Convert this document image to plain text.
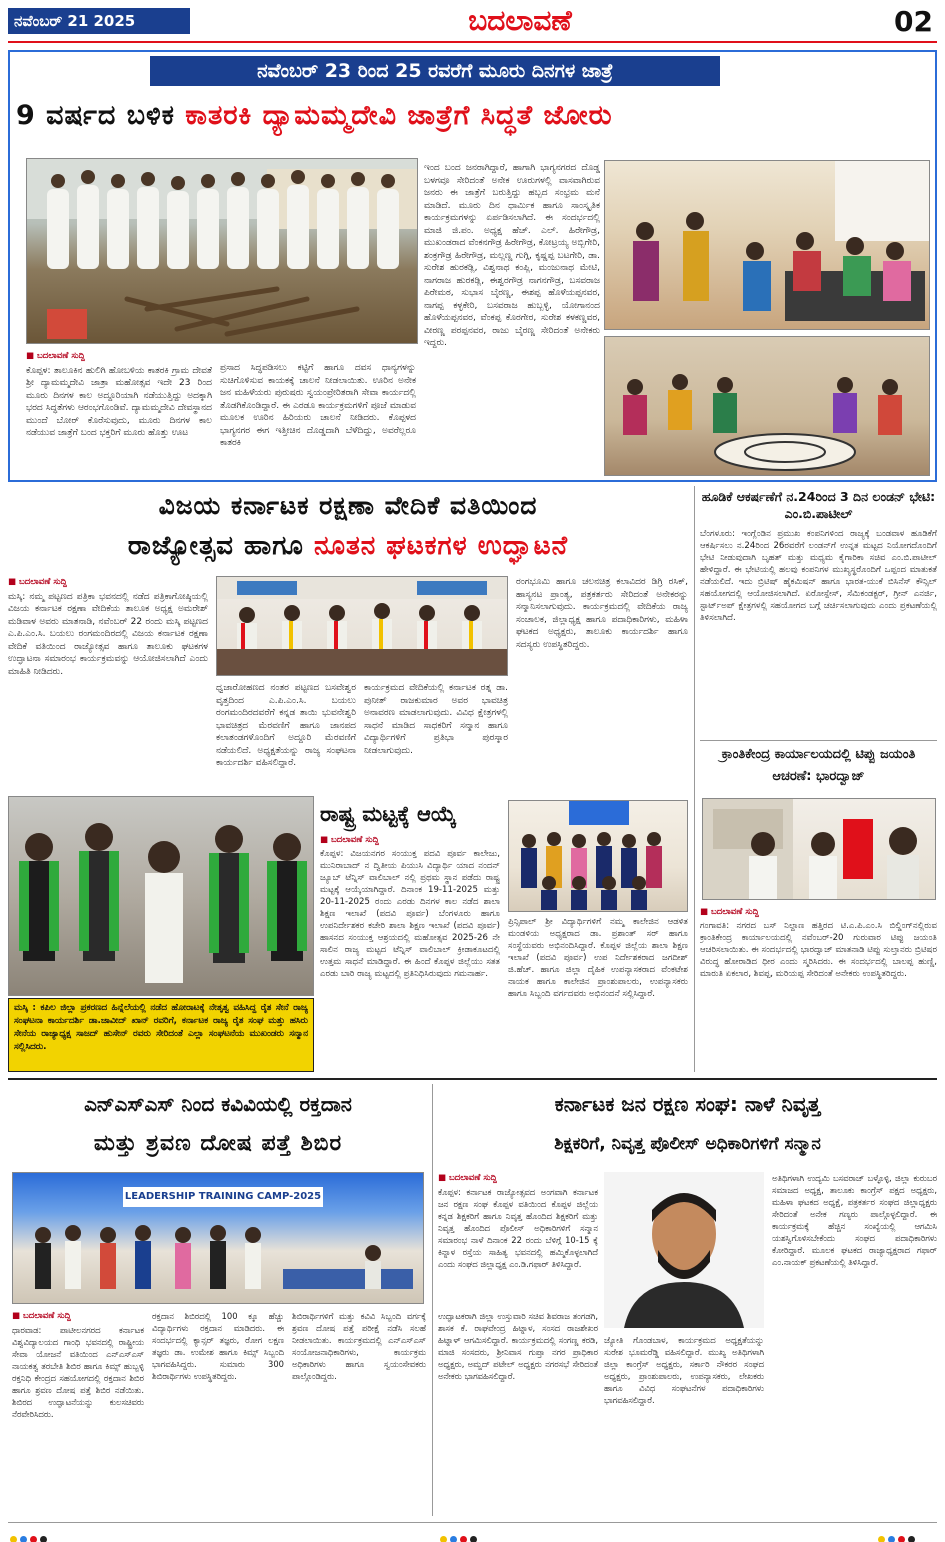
ನವೆಂಬರ್ 21 2025	ಬದಲಾವಣೆ	02
ನವೆಂಬರ್ 23 ರಿಂದ 25 ರವರೆಗೆ ಮೂರು ದಿನಗಳ ಜಾತ್ರೆ
9 ವರ್ಷದ ಬಳಿಕ ಕಾತರಕಿ ದ್ಯಾಮಮ್ಮದೇವಿ ಜಾತ್ರೆಗೆ ಸಿದ್ಧತೆ ಜೋರು
■ ಬದಲಾವಣೆ ಸುದ್ದಿ
ಕೊಪ್ಪಳ: ತಾಲೂಕಿನ ಹುಲಿಗಿ ಹೋಬಳಿಯ ಕಾತರಕಿ ಗ್ರಾಮ ದೇವತೆ ಶ್ರೀ ದ್ಯಾಮಮ್ಮದೇವಿ ಜಾತ್ರಾ ಮಹೋತ್ಸವ ಇದೇ 23 ರಿಂದ ಮೂರು ದಿನಗಳ ಕಾಲ ಅದ್ದೂರಿಯಾಗಿ ನಡೆಯುತ್ತಿದ್ದು ಅದಕ್ಕಾಗಿ ಭರದ ಸಿದ್ಧತೆಗಳು ಆರಂಭಗೊಂಡಿವೆ. ದ್ಯಾಮಮ್ಮದೇವಿ ದೇವಸ್ಥಾನದ ಮುಂದೆ ಬೋರ್ ಕೊರೆಸುವುದು, ಮೂರು ದಿನಗಳ ಕಾಲ ನಡೆಯುವ ಜಾತ್ರೆಗೆ ಬಂದ ಭಕ್ತರಿಗೆ ಮೂರು ಹೊತ್ತು ಊಟ
ಪ್ರಸಾದ ಸಿದ್ಧಪಡಿಸಲು ಕಟ್ಟಿಗೆ ಹಾಗೂ ದವಸ ಧಾನ್ಯಗಳನ್ನು ಸುಚಿಗೊಳಿಸುವ ಕಾಯಕಕ್ಕೆ ಚಾಲನೆ ನೀಡಲಾಯಿತು. ಊರಿನ ಅನೇಕ ಜನ ಮಹಿಳೆಯರು ಪುರುಷರು ಸ್ವಯಂಪ್ರೇರಿತರಾಗಿ ಸೇವಾ ಕಾರ್ಯದಲ್ಲಿ ತೊಡಗಿಕೊಂಡಿದ್ದಾರೆ. ಈ ಎರಡೂ ಕಾರ್ಯಕ್ರಮಗಳಿಗೆ ಪೂಜೆ ಮಾಡುವ ಮೂಲಕ ಊರಿನ ಹಿರಿಯರು ಚಾಲನೆ ನೀಡಿದರು. ಕೊಪ್ಪಳದ ಭಾಗ್ಯನಗರ ಈಗ ಇತ್ತೀಚಿನ ದೊಡ್ಡದಾಗಿ ಬೆಳೆದಿದ್ದು, ಅವರೆಲ್ಲರೂ ಕಾತರಕಿ
ಇಂದ ಬಂದ ಜನರಾಗಿದ್ದಾರೆ, ಹಾಗಾಗಿ ಭಾಗ್ಯನಗರದ ದೊಡ್ಡ ಬಳಗವೂ ಸೇರಿದಂತೆ ಅನೇಕ ಊರುಗಳಲ್ಲಿ ವಾಸವಾಗಿರುವ ಜನರು ಈ ಜಾತ್ರೆಗೆ ಬರುತ್ತಿದ್ದು ಹಬ್ಬದ ಸಂಭ್ರಮ ಮನೆ ಮಾಡಿದೆ. ಮೂರು ದಿನ ಧಾರ್ಮಿಕ ಹಾಗೂ ಸಾಂಸ್ಕೃತಿಕ ಕಾರ್ಯಕ್ರಮಗಳನ್ನು ಏರ್ಪಡಿಸಲಾಗಿದೆ. ಈ ಸಂದರ್ಭದಲ್ಲಿ ಮಾಜಿ ಜಿ.ಪಂ. ಅಧ್ಯಕ್ಷ ಹೆಚ್. ಎಲ್. ಹಿರೇಗೌಡ್ರ, ಮುಖಂಡರಾದ ವೆಂಕನಗೌಡ್ರ ಹಿರೇಗೌಡ್ರ, ಕೋಟ್ರಯ್ಯ ಅಬ್ಬಿಗೇರಿ, ಶಂಕ್ರಗೌಡ್ರ ಹಿರೇಗೌಡ್ರ, ಮಲ್ಲಣ್ಣ ಗುಗ್ಗಿ, ಕೃಷ್ಣಪ್ಪ ಬಟಗೇರಿ, ಡಾ. ಸುರೇಶ ಹುರಕಡ್ಲಿ, ವಿಶ್ವನಾಥ ಕಂಪ್ಲಿ, ಮಂಜುನಾಥ ಮೇಟಿ, ನಾಗರಾಜ ಹುರಕಡ್ಲಿ, ಈಶ್ವರಗೌಡ್ರ ನಾಗನಗೌಡ್ರ, ಬಸವರಾಜ ಪಿರೇಮಠ, ಸುಭಾಸ ಬೈರಣ್ಣ, ಈಶಪ್ಪ ಹೊಳೆಯಪ್ಪನವರ, ನಾಗಪ್ಪ ಕಳ್ಳಕೇರಿ, ಬಸವರಾಜ ಹುಬ್ಬಳ್ಳಿ, ಯೋಗಾನಂದ ಹೊಳೆಯಪ್ಪನವರ, ವೆಂಕಪ್ಪ ಕೊರಗೇರ, ಸುರೇಶ ಕಳಕಣ್ಣವರ, ವೀರಣ್ಣ ಪರಪ್ಪನವರ, ರಾಜು ಬೈರಣ್ಣ ಸೇರಿದಂತೆ ಅನೇಕರು ಇದ್ದರು.
ವಿಜಯ ಕರ್ನಾಟಕ ರಕ್ಷಣಾ ವೇದಿಕೆ ವತಿಯಿಂದ
ರಾಜ್ಯೋತ್ಸವ ಹಾಗೂ ನೂತನ ಘಟಕಗಳ ಉದ್ಘಾಟನೆ
■ ಬದಲಾವಣೆ ಸುದ್ದಿ
ಮಸ್ಕಿ: ನಮ್ಮ ಪಟ್ಟಣದ ಪತ್ರಿಕಾ ಭವನದಲ್ಲಿ ನಡೆದ ಪತ್ರಿಕಾಗೋಷ್ಠಿಯಲ್ಲಿ ವಿಜಯ ಕರ್ನಾಟಕ ರಕ್ಷಣಾ ವೇದಿಕೆಯ ತಾಲೂಕ ಅಧ್ಯಕ್ಷ ಅಮರೇಶ್ ಮಡಿವಾಳ ಅವರು ಮಾತನಾಡಿ, ನವೆಂಬರ್ 22 ರಂದು ಮಸ್ಕಿ ಪಟ್ಟಣದ ಎ.ಪಿ.ಎಂ.ಸಿ. ಬಯಲು ರಂಗಮಂದಿರದಲ್ಲಿ ವಿಜಯ ಕರ್ನಾಟಕ ರಕ್ಷಣಾ ವೇದಿಕೆ ವತಿಯಿಂದ ರಾಜ್ಯೋತ್ಸವ ಹಾಗೂ ತಾಲೂಕು ಘಟಕಗಳ ಉದ್ಘಾಟನಾ ಸಮಾರಂಭ ಕಾರ್ಯಕ್ರಮವನ್ನು ಆಯೋಜಿಸಲಾಗಿದೆ ಎಂದು ಮಾಹಿತಿ ನೀಡಿದರು.
ಧ್ವಜಾರೋಹಣದ ನಂತರ ಪಟ್ಟಣದ ಬಸವೇಶ್ವರ ವೃತ್ತದಿಂದ ಎ.ಪಿ.ಎಂ.ಸಿ. ಬಯಲು ರಂಗಮಂದಿರದವರೆಗೆ ಕನ್ನಡ ತಾಯಿ ಭುವನೇಶ್ವರಿ ಭಾವಚಿತ್ರದ ಮೆರವಣಿಗೆ ಹಾಗೂ ಜಾನಪದ ಕಲಾತಂಡಗಳೊಂದಿಗೆ ಅದ್ದೂರಿ ಮೆರವಣಿಗೆ ನಡೆಯಲಿದೆ. ಅಧ್ಯಕ್ಷತೆಯನ್ನು ರಾಜ್ಯ ಸಂಘಟನಾ ಕಾರ್ಯದರ್ಶಿ ವಹಿಸಲಿದ್ದಾರೆ.
ಕಾರ್ಯಕ್ರಮದ ವೇದಿಕೆಯಲ್ಲಿ ಕರ್ನಾಟಕ ರತ್ನ ಡಾ. ಪುನೀತ್ ರಾಜಕುಮಾರ ಅವರ ಭಾವಚಿತ್ರ ಅನಾವರಣ ಮಾಡಲಾಗುವುದು. ವಿವಿಧ ಕ್ಷೇತ್ರಗಳಲ್ಲಿ ಸಾಧನೆ ಮಾಡಿದ ಸಾಧಕರಿಗೆ ಸನ್ಮಾನ ಹಾಗೂ ವಿದ್ಯಾರ್ಥಿಗಳಿಗೆ ಪ್ರತಿಭಾ ಪುರಸ್ಕಾರ ನೀಡಲಾಗುವುದು.
ರಂಗಭೂಮಿ ಹಾಗೂ ಚಲನಚಿತ್ರ ಕಲಾವಿದರ ಡಿಗ್ರಿ ರಸಿಕ್, ಹಾಸ್ಯನಟ ಪ್ರಾಂತ್ಯ, ಪತ್ರಕರ್ತರು ಸೇರಿದಂತೆ ಅನೇಕರನ್ನು ಸನ್ಮಾನಿಸಲಾಗುವುದು. ಕಾರ್ಯಕ್ರಮದಲ್ಲಿ ವೇದಿಕೆಯ ರಾಜ್ಯ ಸಂಚಾಲಕ, ಜಿಲ್ಲಾಧ್ಯಕ್ಷ ಹಾಗೂ ಪದಾಧಿಕಾರಿಗಳು, ಮಹಿಳಾ ಘಟಕದ ಅಧ್ಯಕ್ಷರು, ತಾಲೂಕು ಕಾರ್ಯದರ್ಶಿ ಹಾಗೂ ಸದಸ್ಯರು ಉಪಸ್ಥಿತರಿದ್ದರು.
ಹೂಡಿಕೆ ಆಕರ್ಷಣೆಗೆ ನ.24ರಿಂದ 3 ದಿನ ಲಂಡನ್ ಭೇಟಿ: ಎಂ.ಬಿ.ಪಾಟೀಲ್
ಬೆಂಗಳೂರು: ಇಂಗ್ಲೆಂಡಿನ ಪ್ರಮುಖ ಕಂಪನಿಗಳಿಂದ ರಾಜ್ಯಕ್ಕೆ ಬಂಡವಾಳ ಹೂಡಿಕೆಗೆ ಆಕರ್ಷಿಸಲು ನ.24ರಿಂದ 26ರವರೆಗೆ ಲಂಡನ್‌ಗೆ ಉನ್ನತ ಮಟ್ಟದ ನಿಯೋಗದೊಂದಿಗೆ ಭೇಟಿ ನೀಡುವುದಾಗಿ ಬೃಹತ್ ಮತ್ತು ಮಧ್ಯಮ ಕೈಗಾರಿಕಾ ಸಚಿವ ಎಂ.ಬಿ.ಪಾಟೀಲ್ ಹೇಳಿದ್ದಾರೆ. ಈ ಭೇಟಿಯಲ್ಲಿ ಹಲವು ಕಂಪನಿಗಳ ಮುಖ್ಯಸ್ಥರೊಂದಿಗೆ ಒಪ್ಪಂದ ಮಾತುಕತೆ ನಡೆಯಲಿದೆ. ಇದು ಬ್ರಿಟಿಷ್ ಹೈಕಮಿಷನ್ ಹಾಗೂ ಭಾರತ-ಯುಕೆ ಬಿಸಿನೆಸ್ ಕೌನ್ಸಿಲ್ ಸಹಯೋಗದಲ್ಲಿ ಆಯೋಜಿಸಲಾಗಿದೆ. ಏರೋಸ್ಪೇಸ್, ಸೆಮಿಕಂಡಕ್ಟರ್, ಗ್ರೀನ್ ಎನರ್ಜಿ, ಸ್ಟಾರ್ಟ್‌ಅಪ್ ಕ್ಷೇತ್ರಗಳಲ್ಲಿ ಸಹಯೋಗದ ಬಗ್ಗೆ ಚರ್ಚಿಸಲಾಗುವುದು ಎಂದು ಪ್ರಕಟಣೆಯಲ್ಲಿ ತಿಳಿಸಲಾಗಿದೆ.
ಕ್ರಾಂತಿಕೇಂದ್ರ ಕಾರ್ಯಾಲಯದಲ್ಲಿ ಟಿಪ್ಪು ಜಯಂತಿ ಆಚರಣೆ: ಭಾರದ್ವಾಜ್
■ ಬದಲಾವಣೆ ಸುದ್ದಿ
ಗಂಗಾವತಿ: ನಗರದ ಬಸ್ ನಿಲ್ದಾಣ ಹತ್ತಿರದ ಟಿ.ಎ.ಪಿ.ಎಂ.ಸಿ ಬಿಲ್ಡಿಂಗ್‌ನಲ್ಲಿರುವ ಕ್ರಾಂತಿಕೇಂದ್ರ ಕಾರ್ಯಾಲಯದಲ್ಲಿ ನವೆಂಬರ್-20 ಗುರುವಾರ ಟಿಪ್ಪು ಜಯಂತಿ ಆಚರಿಸಲಾಯಿತು. ಈ ಸಂದರ್ಭದಲ್ಲಿ ಭಾರದ್ವಾಜ್ ಮಾತನಾಡಿ ಟಿಪ್ಪು ಸುಲ್ತಾನರು ಬ್ರಿಟಿಷರ ವಿರುದ್ಧ ಹೋರಾಡಿದ ಧೀರ ಎಂದು ಸ್ಮರಿಸಿದರು. ಈ ಸಂದರ್ಭದಲ್ಲಿ ಬಾಲಪ್ಪ ಹುಣ್ಣಿ, ಮಾರುತಿ ಏಕಲಾರ, ಶಿವಪ್ಪ, ಮರಿಯಪ್ಪ ಸೇರಿದಂತೆ ಅನೇಕರು ಉಪಸ್ಥಿತರಿದ್ದರು.
ಮಸ್ಕಿ : ಕಪಿಲ ಜಿಲ್ಲಾ ಪ್ರಕರಣದ ಹಿನ್ನೆಲೆಯಲ್ಲಿ ನಡೆದ ಹೋರಾಟಕ್ಕೆ ನೇತೃತ್ವ ವಹಿಸಿದ್ದ ರೈತ ಸೇನೆ ರಾಜ್ಯ ಸಂಘಟನಾ ಕಾರ್ಯದರ್ಶಿ ಡಾ.ಜಾವೀದ್ ಖಾನ್ ರವರಿಗೆ, ಕರ್ನಾಟಕ ರಾಜ್ಯ ರೈತ ಸಂಘ ಮತ್ತು ಹಸಿರು ಸೇನೆಯ ರಾಜ್ಯಾಧ್ಯಕ್ಷ ಸಾಜದ್ ಹುಸೇನ್ ರವರು ಸೇರಿದಂತೆ ಎಲ್ಲಾ ಸಂಘಟನೆಯ ಮುಖಂಡರು ಸನ್ಮಾನ ಸಲ್ಲಿಸಿದರು.
ರಾಷ್ಟ್ರ ಮಟ್ಟಕ್ಕೆ ಆಯ್ಕೆ
■ ಬದಲಾವಣೆ ಸುದ್ದಿ
ಕೊಪ್ಪಳ: ವಿಜಯನಗರ ಸಂಯುಕ್ತ ಪದವಿ ಪೂರ್ವ ಕಾಲೇಜು, ಮುನಿರಾಬಾದ್ ನ ದ್ವಿತೀಯ ಪಿಯುಸಿ ವಿದ್ಯಾರ್ಥಿ ಯಾದ ನಂದನ್ ಜ್ಯೂಬ್ ಟೆನ್ನಿಸ್ ವಾಲಿಬಾಲ್ ನಲ್ಲಿ ಪ್ರಥಮ ಸ್ಥಾನ ಪಡೆದು ರಾಷ್ಟ್ರ ಮಟ್ಟಕ್ಕೆ ಆಯ್ಕೆಯಾಗಿದ್ದಾರೆ. ದಿನಾಂಕ 19-11-2025 ಮತ್ತು 20-11-2025 ರಂದು ಎರಡು ದಿನಗಳ ಕಾಲ ನಡೆದ ಶಾಲಾ ಶಿಕ್ಷಣ ಇಲಾಖೆ (ಪದವಿ ಪೂರ್ವ) ಬೆಂಗಳೂರು ಹಾಗೂ ಉಪನಿರ್ದೇಶಕರ ಕಚೇರಿ ಶಾಲಾ ಶಿಕ್ಷಣ ಇಲಾಖೆ (ಪದವಿ ಪೂರ್ವ) ಹಾಸನದ ಸಂಯುಕ್ತ ಆಶ್ರಯದಲ್ಲಿ ಮಹೋತ್ಸವ 2025-26 ನೇ ಸಾಲಿನ ರಾಜ್ಯ ಮಟ್ಟದ ಟೆನ್ನಿಸ್ ವಾಲಿಬಾಲ್ ಕ್ರೀಡಾಕೂಟದಲ್ಲಿ ಉತ್ತಮ ಸಾಧನೆ ಮಾಡಿದ್ದಾರೆ. ಈ ಹಿಂದೆ ಕೊಪ್ಪಳ ಜಿಲ್ಲೆಯು ಸತತ ಎರಡು ಬಾರಿ ರಾಜ್ಯ ಮಟ್ಟದಲ್ಲಿ ಪ್ರತಿನಿಧಿಸಿರುವುದು ಗಮನಾರ್ಹ.
ಪ್ರಿನ್ಸಿಪಾಲ್ ಶ್ರೀ ವಿದ್ಯಾರ್ಥಿಗಳಿಗೆ ನಮ್ಮ ಕಾಲೇಜಿನ ಆಡಳಿತ ಮಂಡಳಿಯ ಅಧ್ಯಕ್ಷರಾದ ಡಾ. ಪ್ರಶಾಂತ್ ಸರ್ ಹಾಗೂ ಸಂಸ್ಥೆಯವರು ಅಭಿನಂದಿಸಿದ್ದಾರೆ. ಕೊಪ್ಪಳ ಜಿಲ್ಲೆಯ ಶಾಲಾ ಶಿಕ್ಷಣ ಇಲಾಖೆ (ಪದವಿ ಪೂರ್ವ) ಉಪ ನಿರ್ದೇಶಕರಾದ ಜಗದೀಶ್ ಜಿ.ಹೆಚ್. ಹಾಗೂ ಜಿಲ್ಲಾ ದೈಹಿಕ ಉಪನ್ಯಾಸಕರಾದ ವೆಂಕಟೇಶ ನಾಯಕ ಹಾಗೂ ಕಾಲೇಜಿನ ಪ್ರಾಂಶುಪಾಲರು, ಉಪನ್ಯಾಸಕರು ಹಾಗೂ ಸಿಬ್ಬಂದಿ ವರ್ಗದವರು ಅಭಿನಂದನೆ ಸಲ್ಲಿಸಿದ್ದಾರೆ.
ಎನ್‌ಎಸ್‌ಎಸ್ ನಿಂದ ಕವಿವಿಯಲ್ಲಿ ರಕ್ತದಾನ
ಮತ್ತು ಶ್ರವಣ ದೋಷ ಪತ್ತೆ ಶಿಬಿರ
LEADERSHIP TRAINING CAMP-2025
■ ಬದಲಾವಣೆ ಸುದ್ದಿ
ಧಾರವಾಡ: ಪಾಟೀಲನಗರದ ಕರ್ನಾಟಕ ವಿಶ್ವವಿದ್ಯಾಲಯದ ಗಾಂಧಿ ಭವನದಲ್ಲಿ ರಾಷ್ಟ್ರೀಯ ಸೇವಾ ಯೋಜನೆ ವತಿಯಿಂದ ಎನ್‌ಎಸ್‌ಎಸ್ ನಾಯಕತ್ವ ತರಬೇತಿ ಶಿಬಿರ ಹಾಗೂ ಕಿಮ್ಸ್ ಹುಬ್ಬಳ್ಳಿ ರಕ್ತನಿಧಿ ಕೇಂದ್ರದ ಸಹಯೋಗದಲ್ಲಿ ರಕ್ತದಾನ ಶಿಬಿರ ಹಾಗೂ ಶ್ರವಣ ದೋಷ ಪತ್ತೆ ಶಿಬಿರ ನಡೆಯಿತು. ಶಿಬಿರದ ಉದ್ಘಾಟನೆಯನ್ನು ಕುಲಸಚಿವರು ನೆರವೇರಿಸಿದರು.
ರಕ್ತದಾನ ಶಿಬಿರದಲ್ಲಿ 100 ಕ್ಕೂ ಹೆಚ್ಚು ವಿದ್ಯಾರ್ಥಿಗಳು ರಕ್ತದಾನ ಮಾಡಿದರು. ಈ ಸಂದರ್ಭದಲ್ಲಿ ಕ್ಯಾನ್ಸರ್ ತಜ್ಞರು, ರೋಗ ಲಕ್ಷಣ ತಜ್ಞರು ಡಾ. ಉಮೇಶ ಹಾಗೂ ಕಿಮ್ಸ್ ಸಿಬ್ಬಂದಿ ಭಾಗವಹಿಸಿದ್ದರು. ಸುಮಾರು 300 ಶಿಬಿರಾರ್ಥಿಗಳು ಉಪಸ್ಥಿತರಿದ್ದರು.
ಶಿಬಿರಾರ್ಥಿಗಳಿಗೆ ಮತ್ತು ಕವಿವಿ ಸಿಬ್ಬಂದಿ ವರ್ಗಕ್ಕೆ ಶ್ರವಣ ದೋಷ ಪತ್ತೆ ಪರೀಕ್ಷೆ ನಡೆಸಿ ಸಲಹೆ ನೀಡಲಾಯಿತು. ಕಾರ್ಯಕ್ರಮದಲ್ಲಿ ಎನ್‌ಎಸ್‌ಎಸ್ ಸಂಯೋಜನಾಧಿಕಾರಿಗಳು, ಕಾರ್ಯಕ್ರಮ ಅಧಿಕಾರಿಗಳು ಹಾಗೂ ಸ್ವಯಂಸೇವಕರು ಪಾಲ್ಗೊಂಡಿದ್ದರು.
ಕರ್ನಾಟಕ ಜನ ರಕ್ಷಣ ಸಂಘ: ನಾಳೆ ನಿವೃತ್ತ
ಶಿಕ್ಷಕರಿಗೆ, ನಿವೃತ್ತ ಪೊಲೀಸ್ ಅಧಿಕಾರಿಗಳಿಗೆ ಸನ್ಮಾನ
■ ಬದಲಾವಣೆ ಸುದ್ದಿ
ಕೊಪ್ಪಳ: ಕರ್ನಾಟಕ ರಾಜ್ಯೋತ್ಸವದ ಅಂಗವಾಗಿ ಕರ್ನಾಟಕ ಜನ ರಕ್ಷಣ ಸಂಘ ಕೊಪ್ಪಳ ವತಿಯಿಂದ ಕೊಪ್ಪಳ ಜಿಲ್ಲೆಯ ಕನ್ನಡ ಶಿಕ್ಷಕರಿಗೆ ಹಾಗೂ ನಿವೃತ್ತ ಹೊಂದಿದ ಶಿಕ್ಷಕರಿಗೆ ಮತ್ತು ನಿವೃತ್ತ ಹೊಂದಿದ ಪೊಲೀಸ್ ಅಧಿಕಾರಿಗಳಿಗೆ ಸನ್ಮಾನ ಸಮಾರಂಭ ನಾಳೆ ದಿನಾಂಕ 22 ರಂದು ಬೆಳಿಗ್ಗೆ 10-15 ಕ್ಕೆ ಕಿನ್ನಾಳ ರಸ್ತೆಯ ಸಾಹಿತ್ಯ ಭವನದಲ್ಲಿ ಹಮ್ಮಿಕೊಳ್ಳಲಾಗಿದೆ ಎಂದು ಸಂಘದ ಜಿಲ್ಲಾಧ್ಯಕ್ಷ ಎಂ.ಡಿ.ಗಫಾರ್ ತಿಳಿಸಿದ್ದಾರೆ.
ಉದ್ಘಾಟಕರಾಗಿ ಜಿಲ್ಲಾ ಉಸ್ತುವಾರಿ ಸಚಿವ ಶಿವರಾಜ ತಂಗಡಗಿ, ಶಾಸಕ ಕೆ. ರಾಘವೇಂದ್ರ ಹಿಟ್ನಾಳ, ಸಂಸದ ರಾಜಶೇಖರ ಹಿಟ್ನಾಳ್ ಆಗಮಿಸಲಿದ್ದಾರೆ. ಕಾರ್ಯಕ್ರಮದಲ್ಲಿ ಸಂಗಣ್ಣ ಕರಡಿ, ಮಾಜಿ ಸಂಸದರು, ಶ್ರೀನಿವಾಸ ಗುಪ್ತಾ ನಗರ ಪ್ರಾಧಿಕಾರ ಅಧ್ಯಕ್ಷರು, ಅಮ್ಜದ್ ಪಟೇಲ್ ಅಧ್ಯಕ್ಷರು ನಗರಸಭೆ ಸೇರಿದಂತೆ ಅನೇಕರು ಭಾಗವಹಿಸಲಿದ್ದಾರೆ.
ಜ್ಯೋತಿ ಗೊಂಡಬಾಳ, ಕಾರ್ಯಕ್ರಮದ ಅಧ್ಯಕ್ಷತೆಯನ್ನು ಸುರೇಶ ಭೂಮರೆಡ್ಡಿ ವಹಿಸಲಿದ್ದಾರೆ. ಮುಖ್ಯ ಅತಿಥಿಗಳಾಗಿ ಜಿಲ್ಲಾ ಕಾಂಗ್ರೆಸ್ ಅಧ್ಯಕ್ಷರು, ಸರ್ಕಾರಿ ನೌಕರರ ಸಂಘದ ಅಧ್ಯಕ್ಷರು, ಪ್ರಾಂಶುಪಾಲರು, ಉಪನ್ಯಾಸಕರು, ಲೇಖಕರು ಹಾಗೂ ವಿವಿಧ ಸಂಘಟನೆಗಳ ಪದಾಧಿಕಾರಿಗಳು ಭಾಗವಹಿಸಲಿದ್ದಾರೆ.
ಅತಿಥಿಗಳಾಗಿ ಉದ್ಯಮಿ ಬಸವರಾಜ್ ಬಳ್ಳೊಳ್ಳಿ, ಜಿಲ್ಲಾ ಕುರುಬರ ಸಮಾಜದ ಅಧ್ಯಕ್ಷ, ತಾಲೂಕು ಕಾಂಗ್ರೆಸ್ ಪಕ್ಷದ ಅಧ್ಯಕ್ಷರು, ಮಹಿಳಾ ಘಟಕದ ಅಧ್ಯಕ್ಷೆ, ಪತ್ರಕರ್ತರ ಸಂಘದ ಜಿಲ್ಲಾಧ್ಯಕ್ಷರು ಸೇರಿದಂತೆ ಅನೇಕ ಗಣ್ಯರು ಪಾಲ್ಗೊಳ್ಳಲಿದ್ದಾರೆ. ಈ ಕಾರ್ಯಕ್ರಮಕ್ಕೆ ಹೆಚ್ಚಿನ ಸಂಖ್ಯೆಯಲ್ಲಿ ಆಗಮಿಸಿ ಯಶಸ್ವಿಗೊಳಿಸಬೇಕೆಂದು ಸಂಘದ ಪದಾಧಿಕಾರಿಗಳು ಕೋರಿದ್ದಾರೆ. ಮೂಲಕ ಘಟಕದ ರಾಜ್ಯಾಧ್ಯಕ್ಷರಾದ ಗಫಾರ್ ಎಂ.ನಾಯಕ್ ಪ್ರಕಟಣೆಯಲ್ಲಿ ತಿಳಿಸಿದ್ದಾರೆ.
